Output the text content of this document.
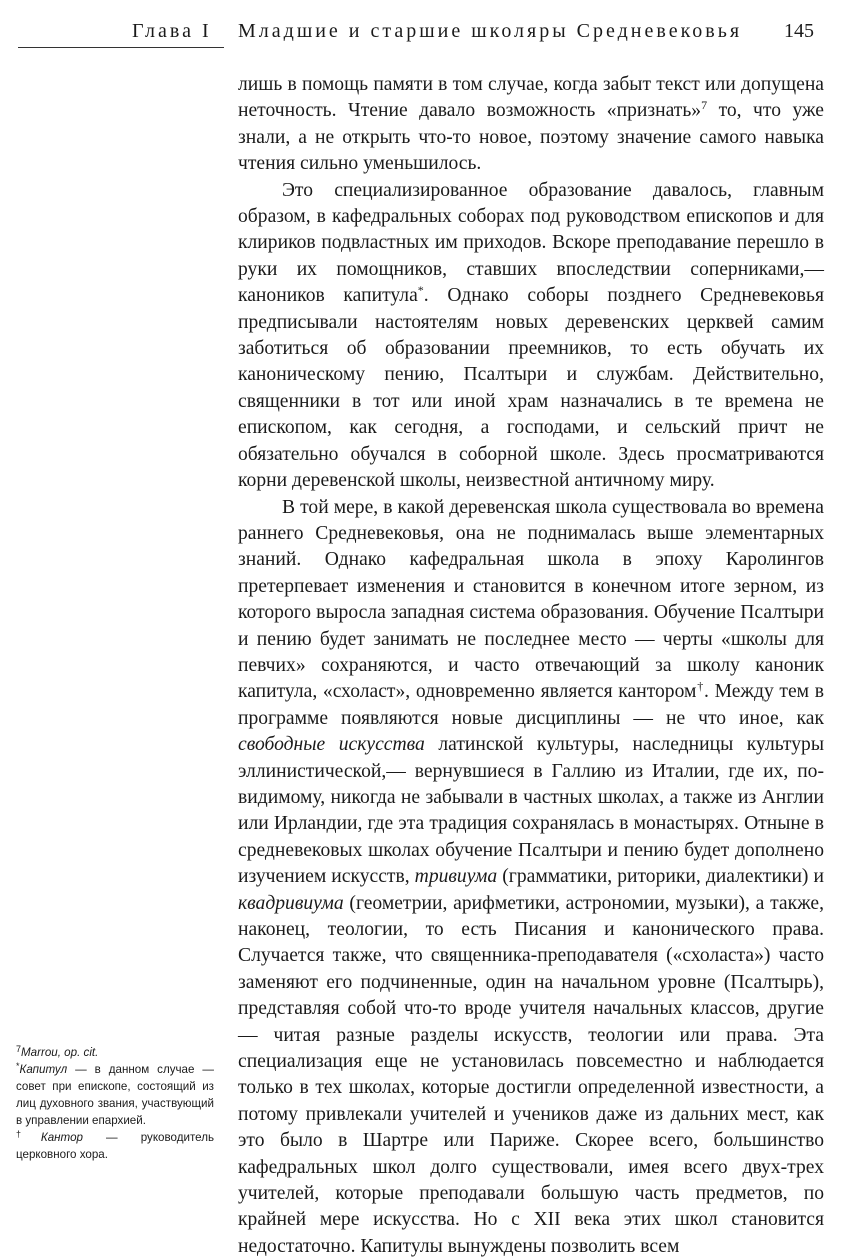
Глава I Младшие и старшие школяры Средневековья 145

лишь в помощь памяти в том случае, когда забыт текст или допущена неточность. Чтение давало возможность «признать»$^7$ то, что уже знали, а не открыть что-то новое, поэтому значение самого навыка чтения сильно уменьшилось.

Это специализированное образование давалось, главным образом, в кафедральных соборах под руководством епископов и для клириков подвластных им приходов. Вскоре преподавание перешло в руки их помощников, ставших впоследствии соперниками,— каноников капитула*. Однако соборы позднего Средневековья предписывали настоятелям новых деревенских церквей самим заботиться об образовании преемников, то есть обучать их каноническому пению, Псалтыри и службам. Действительно, священники в тот или иной храм назначались в те времена не епископом, как сегодня, а господами, и сельский причт не обязательно обучался в соборной школе. Здесь просматриваются корни деревенской школы, неизвестной античному миру.

В той мере, в какой деревенская школа существовала во времена раннего Средневековья, она не поднималась выше элементарных знаний. Однако кафедральная школа в эпоху Каролингов претерпевает изменения и становится в конечном итоге зерном, из которого выросла западная система образования. Обучение Псалтыри и пению будет занимать не последнее место — черты «школы для певчих» сохраняются, и часто отвечающий за школу каноник капитула, «схоласт», одновременно является кантором†. Между тем в программе появляются новые дисциплины — не что иное, как свободные искусства латинской культуры, наследницы культуры эллинистической,— вернувшиеся в Галлию из Италии, где их, по-видимому, никогда не забывали в частных школах, а также из Англии или Ирландии, где эта традиция сохранялась в монастырях. Отныне в средневековых школах обучение Псалтыри и пению будет дополнено изучением искусств, тривиума (грамматики, риторики, диалектики) и квадривиума (геометрии, арифметики, астрономии, музыки), а также, наконец, теологии, то есть Писания и канонического права. Случается также, что священника-преподавателя («схоласта») часто заменяют его подчиненные, один на начальном уровне (Псалтырь), представляя собой что-то вроде учителя начальных классов, другие — читая разные разделы искусств, теологии или права. Эта специализация еще не установилась повсеместно и наблюдается только в тех школах, которые достигли определенной известности, а потому привлекали учителей и учеников даже из дальних мест, как это было в Шартре или Париже. Скорее всего, большинство кафедральных школ долго существовали, имея всего двух-трех учителей, которые преподавали большую часть предметов, по крайней мере искусства. Но с XII века этих школ становится недостаточно. Капитулы вынуждены позволить всем

$^7$Marrou, op. cit.

*Капитул — в данном случае — совет при епископе, состоящий из лиц духовного звания, участвующий в управлении епархией.

†Кантор — руководитель церковного хора.
